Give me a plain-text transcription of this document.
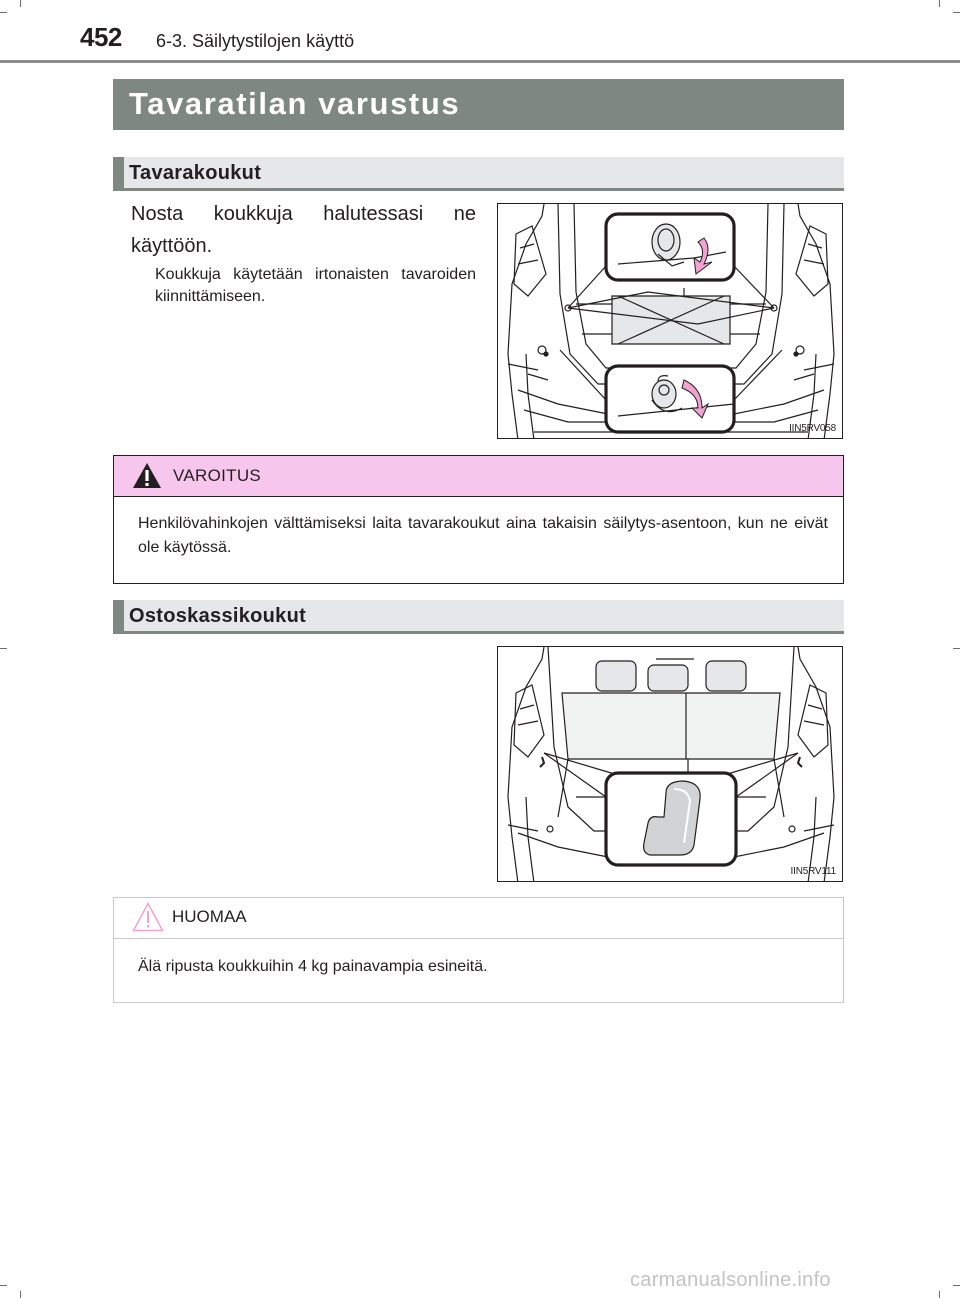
452 6-3. Säilytystilojen käyttö
Tavaratilan varustus
Tavarakoukut
Nosta koukkuja halutessasi ne käyttöön.
Koukkuja käytetään irtonaisten tavaroiden kiinnittämiseen.
IIN5RV058
VAROITUS
Henkilövahinkojen välttämiseksi laita tavarakoukut aina takaisin säilytys-asentoon, kun ne eivät ole käytössä.
Ostoskassikoukut
IIN5RV111
HUOMAA
Älä ripusta koukkuihin 4 kg painavampia esineitä.
carmanualsonline.info
